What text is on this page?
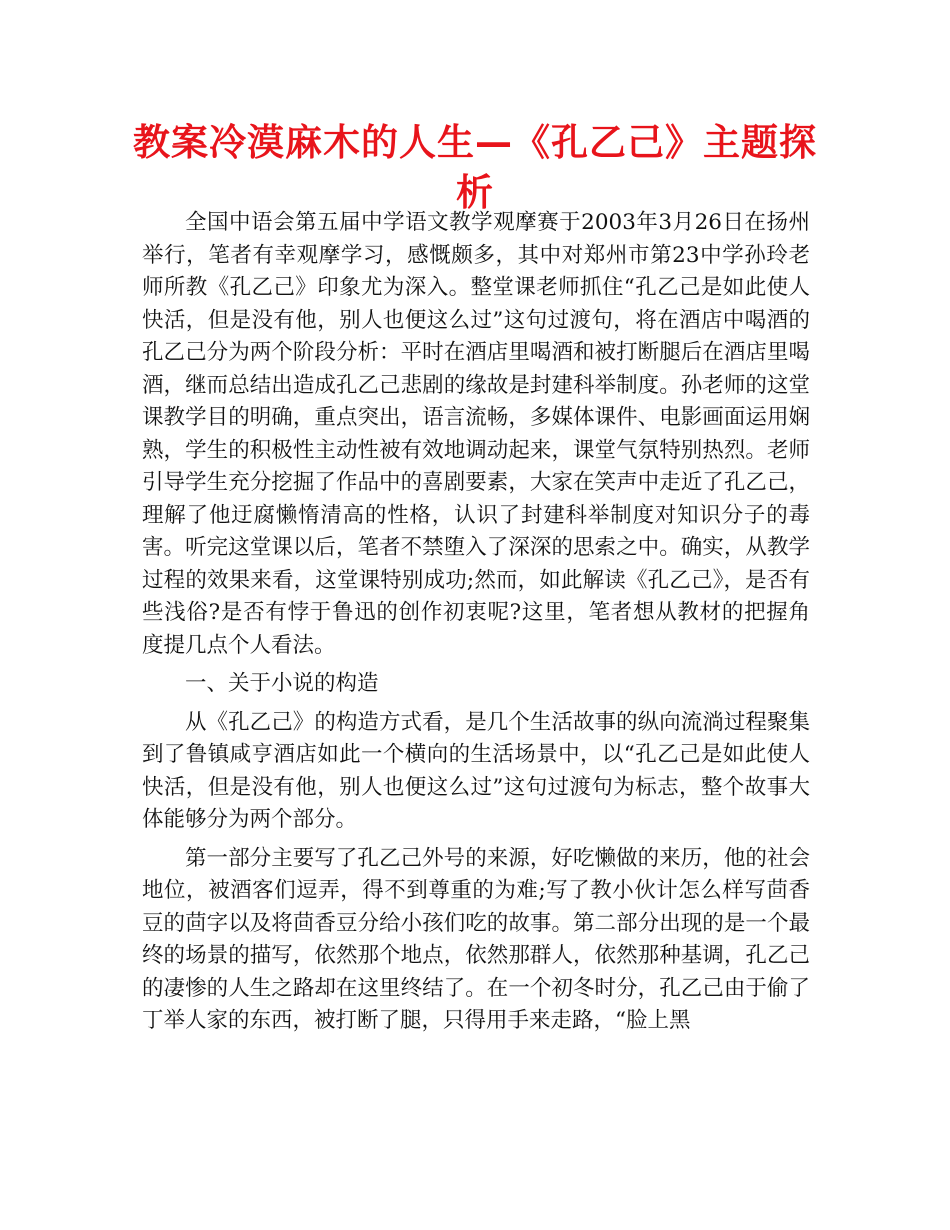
教案冷漠麻木的人生—《孔乙己》主题探析

全国中语会第五届中学语文教学观摩赛于2003年3月26日在扬州举行，笔者有幸观摩学习，感慨颇多，其中对郑州市第23中学孙玲老师所教《孔乙己》印象尤为深入。整堂课老师抓住“孔乙己是如此使人快活，但是没有他，别人也便这么过”这句过渡句，将在酒店中喝酒的孔乙己分为两个阶段分析：平时在酒店里喝酒和被打断腿后在酒店里喝酒，继而总结出造成孔乙己悲剧的缘故是封建科举制度。孙老师的这堂课教学目的明确，重点突出，语言流畅，多媒体课件、电影画面运用娴熟，学生的积极性主动性被有效地调动起来，课堂气氛特别热烈。老师引导学生充分挖掘了作品中的喜剧要素，大家在笑声中走近了孔乙己，理解了他迂腐懒惰清高的性格，认识了封建科举制度对知识分子的毒害。听完这堂课以后，笔者不禁堕入了深深的思索之中。确实，从教学过程的效果来看，这堂课特别成功;然而，如此解读《孔乙己》，是否有些浅俗?是否有悖于鲁迅的创作初衷呢?这里，笔者想从教材的把握角度提几点个人看法。

一、关于小说的构造

从《孔乙己》的构造方式看，是几个生活故事的纵向流淌过程聚集到了鲁镇咸亨酒店如此一个横向的生活场景中，以“孔乙己是如此使人快活，但是没有他，别人也便这么过”这句过渡句为标志，整个故事大体能够分为两个部分。

第一部分主要写了孔乙己外号的来源，好吃懒做的来历，他的社会地位，被酒客们逗弄，得不到尊重的为难;写了教小伙计怎么样写茴香豆的茴字以及将茴香豆分给小孩们吃的故事。第二部分出现的是一个最终的场景的描写，依然那个地点，依然那群人，依然那种基调，孔乙己的凄惨的人生之路却在这里终结了。在一个初冬时分，孔乙己由于偷了丁举人家的东西，被打断了腿，只得用手来走路，“脸上黑
